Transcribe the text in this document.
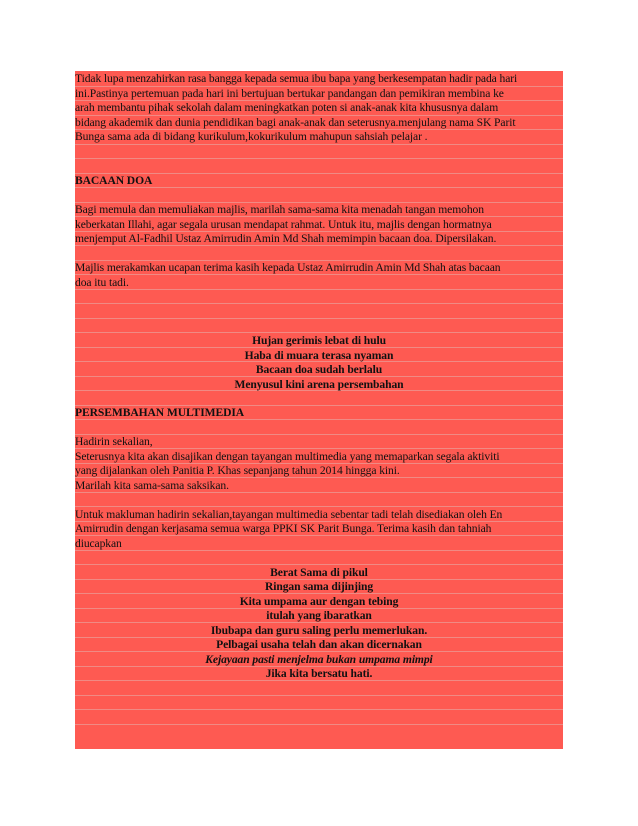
Tidak lupa menzahirkan rasa bangga kepada semua ibu bapa yang berkesempatan hadir pada hari
ini.Pastinya pertemuan pada hari ini bertujuan bertukar pandangan dan pemikiran membina ke
arah membantu pihak sekolah dalam meningkatkan poten si anak-anak kita khususnya dalam
bidang akademik dan dunia pendidikan bagi anak-anak dan seterusnya.menjulang nama SK Parit
Bunga sama ada di bidang kurikulum,kokurikulum mahupun sahsiah pelajar .
BACAAN DOA
Bagi memula dan memuliakan majlis, marilah sama-sama kita menadah tangan memohon
keberkatan Illahi, agar segala urusan mendapat rahmat. Untuk itu, majlis dengan hormatnya
menjemput Al-Fadhil Ustaz Amirrudin Amin Md Shah memimpin bacaan doa. Dipersilakan.
Majlis merakamkan ucapan terima kasih kepada Ustaz Amirrudin Amin Md Shah atas bacaan
doa itu tadi.
Hujan gerimis lebat di hulu
Haba di muara terasa nyaman
Bacaan doa sudah berlalu
Menyusul kini arena persembahan
PERSEMBAHAN MULTIMEDIA
Hadirin sekalian,
Seterusnya kita akan disajikan dengan tayangan multimedia yang memaparkan segala aktiviti
yang dijalankan oleh Panitia P. Khas sepanjang tahun 2014 hingga kini.
Marilah kita sama-sama saksikan.
Untuk makluman hadirin sekalian,tayangan multimedia sebentar tadi telah disediakan oleh En
Amirrudin dengan kerjasama semua warga PPKI SK Parit Bunga. Terima kasih dan tahniah
diucapkan
Berat Sama di pikul
Ringan sama dijinjing
Kita umpama aur dengan tebing
itulah yang ibaratkan
Ibubapa dan guru saling perlu memerlukan.
Pelbagai usaha telah dan akan dicernakan
Kejayaan pasti menjelma bukan umpama mimpi
Jika kita bersatu hati.
